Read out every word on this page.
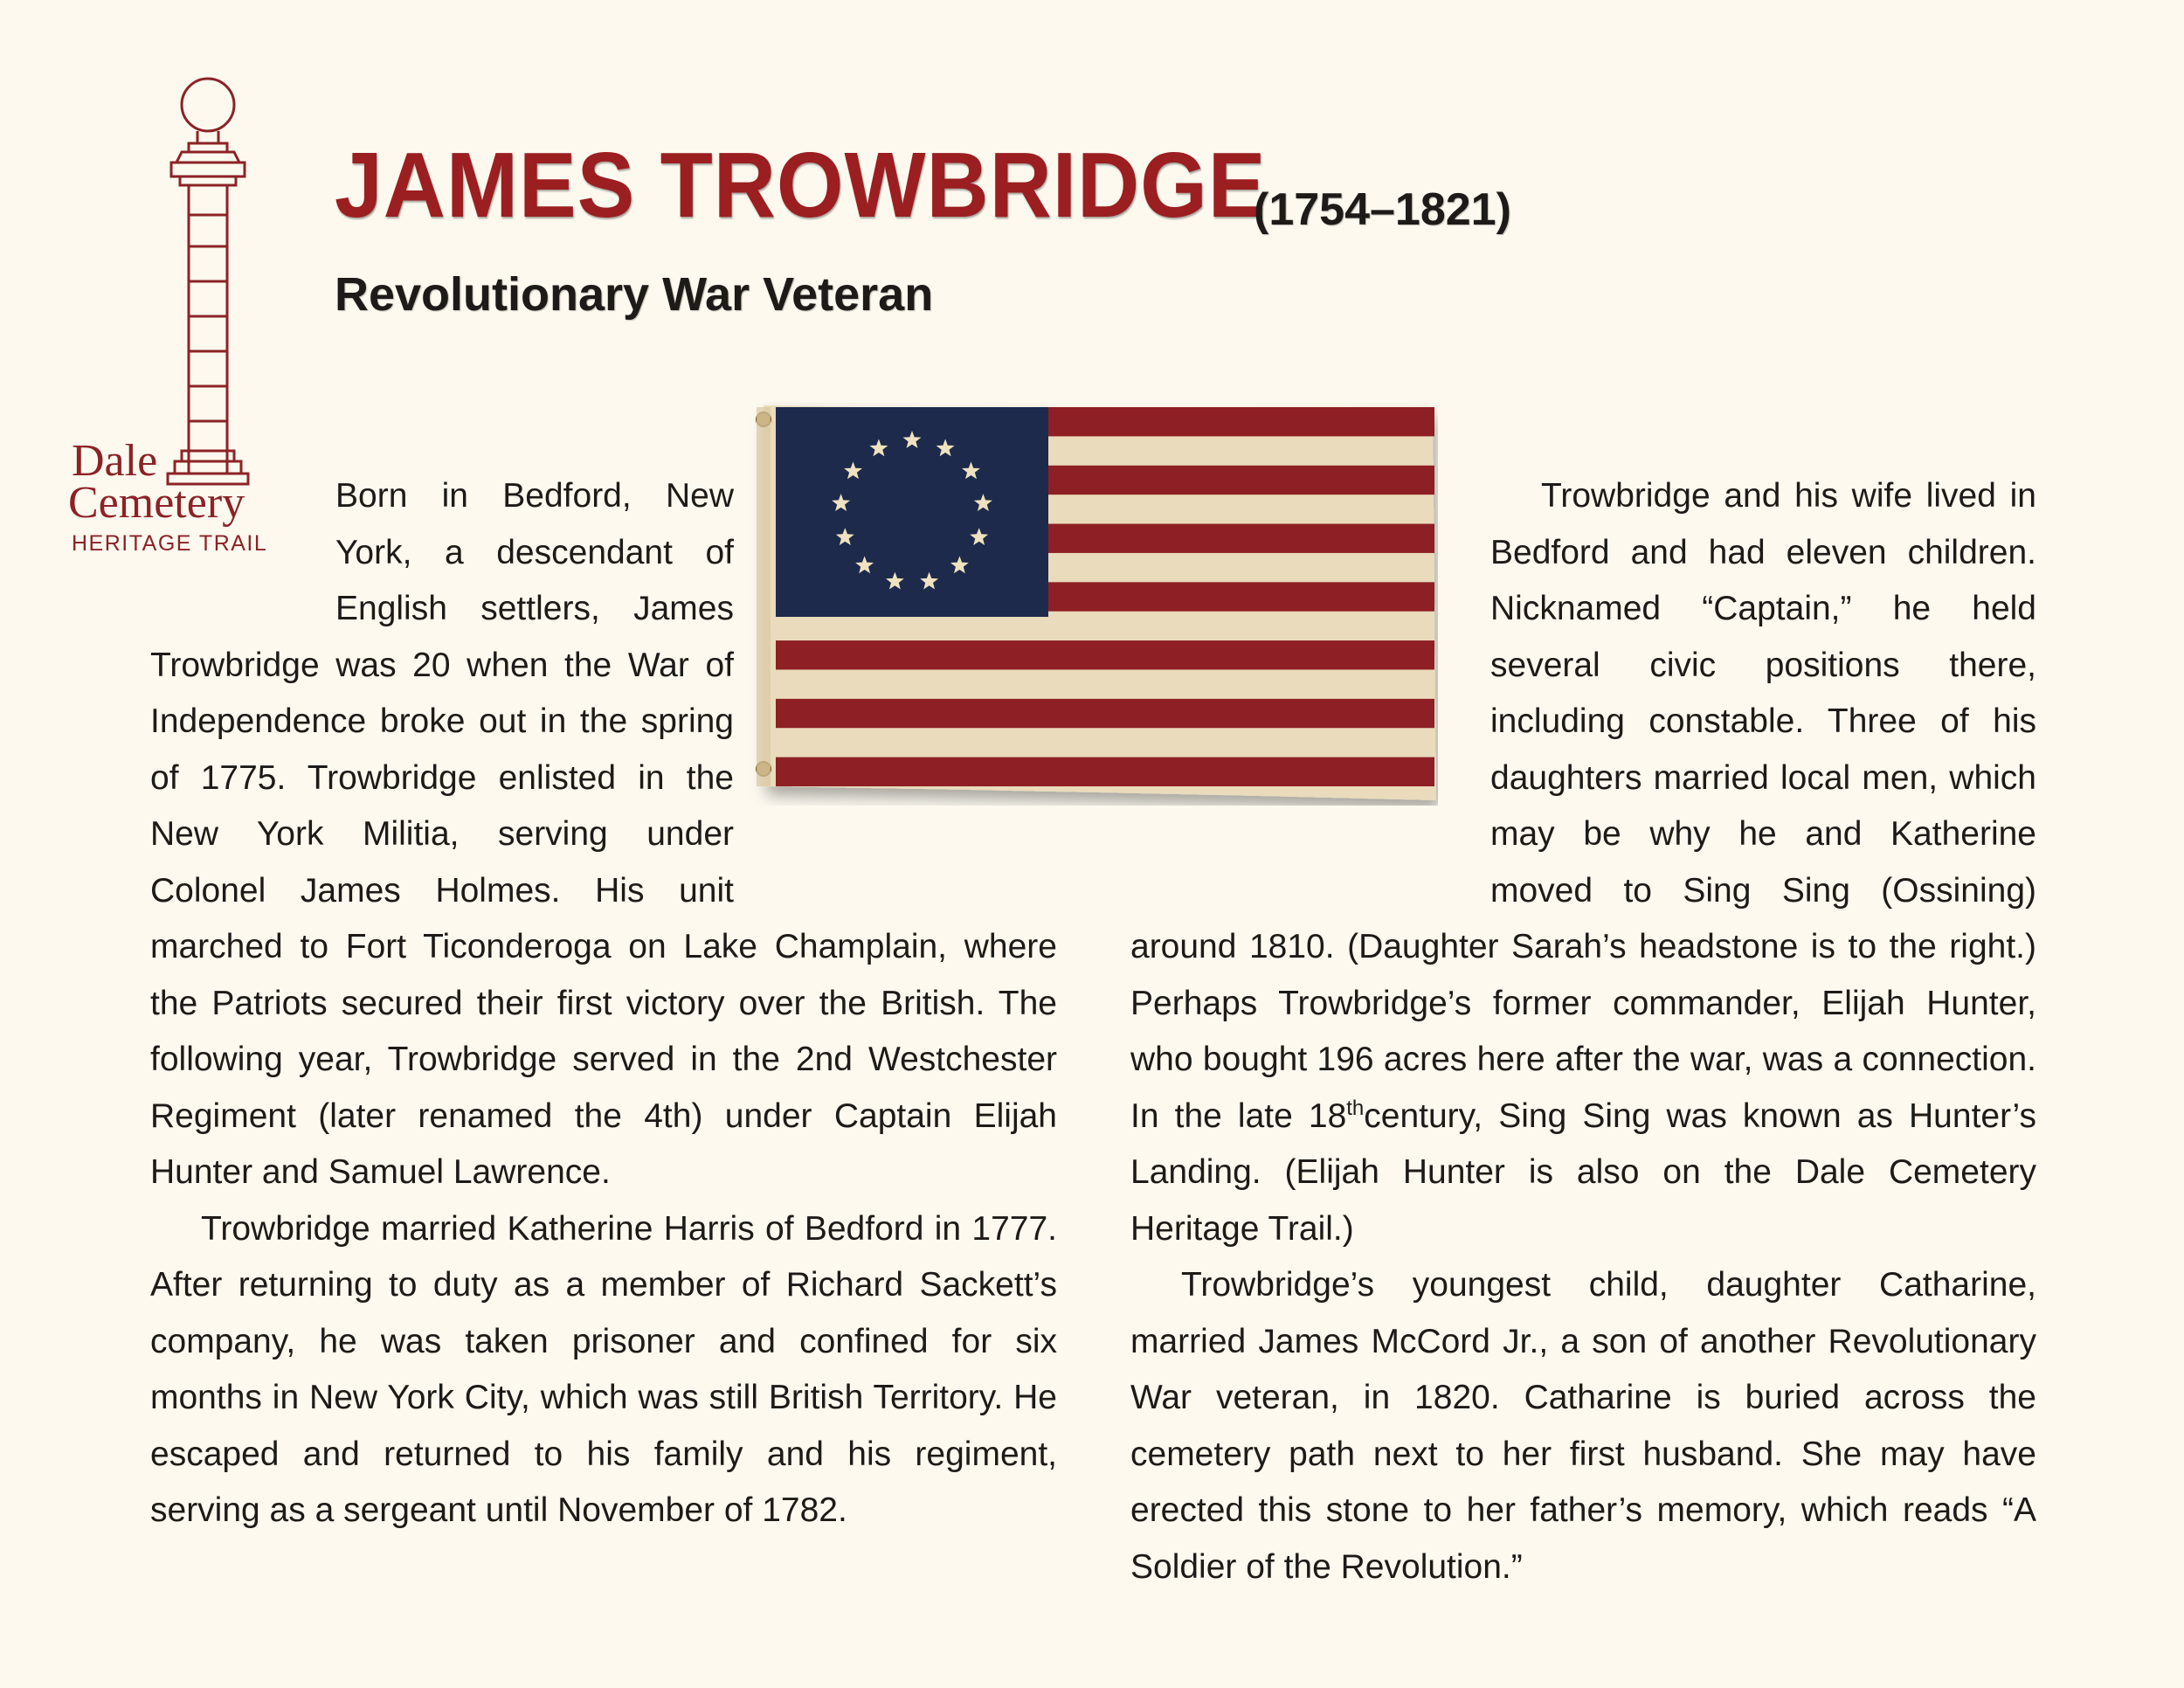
Dale
Cemetery
HERITAGE TRAIL
JAMES TROWBRIDGE
(1754–1821)
Revolutionary War Veteran

Born in Bedford, New York, a descendant of English settlers, James Trowbridge was 20 when the War of Independence broke out in the spring of 1775. Trowbridge enlisted in the New York Militia, serving under Colonel James Holmes. His unit marched to Fort Ticonderoga on Lake Champlain, where the Patriots secured their first victory over the British. The following year, Trowbridge served in the 2nd Westchester Regiment (later renamed the 4th) under Captain Elijah Hunter and Samuel Lawrence.

Trowbridge married Katherine Harris of Bedford in 1777. After returning to duty as a member of Richard Sackett’s company, he was taken prisoner and confined for six months in New York City, which was still British Territory. He escaped and returned to his family and his regiment, serving as a sergeant until November of 1782.

Trowbridge and his wife lived in Bedford and had eleven children. Nicknamed “Captain,” he held several civic positions there, including constable. Three of his daughters married local men, which may be why he and Katherine moved to Sing Sing (Ossining) around 1810. (Daughter Sarah’s headstone is to the right.) Perhaps Trowbridge’s former commander, Elijah Hunter, who bought 196 acres here after the war, was a connection. In the late 18thcentury, Sing Sing was known as Hunter’s Landing. (Elijah Hunter is also on the Dale Cemetery Heritage Trail.)

Trowbridge’s youngest child, daughter Catharine, married James McCord Jr., a son of another Revolutionary War veteran, in 1820. Catharine is buried across the cemetery path next to her first husband. She may have erected this stone to her father’s memory, which reads “A Soldier of the Revolution.”
